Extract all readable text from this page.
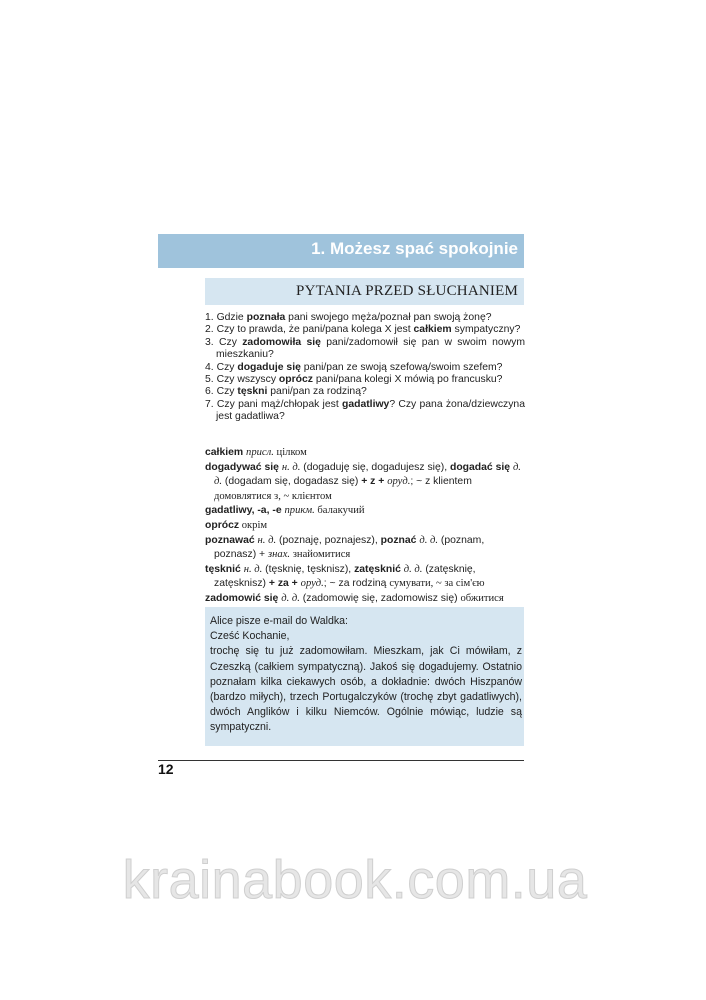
1. Możesz spać spokojnie
PYTANIA PRZED SŁUCHANIEM
1. Gdzie poznała pani swojego męża/poznał pan swoją żonę?
2. Czy to prawda, że pani/pana kolega X jest całkiem sympatyczny?
3. Czy zadomowiła się pani/zadomowił się pan w swoim nowym mieszkaniu?
4. Czy dogaduje się pani/pan ze swoją szefową/swoim szefem?
5. Czy wszyscy oprócz pani/pana kolegi X mówią po francusku?
6. Czy tęskni pani/pan za rodziną?
7. Czy pani mąż/chłopak jest gadatliwy? Czy pana żona/dziewczyna jest gadatliwa?
całkiem присл. цілком
dogadywać się н. д. (dogaduję się, dogadujesz się), dogadać się д. д. (dogadam się, dogadasz się) + z + оруд.; ~ z klientem домовлятися з, ~ клієнтом
gadatliwy, -a, -e прикм. балакучий
oprócz окрім
poznawać н. д. (poznaję, poznajesz), poznać д. д. (poznam, poznasz) + знах. знайомитися
tęsknić н. д. (tęsknię, tęsknisz), zatęsknić д. д. (zatęsknię, zatęsknisz) + za + оруд.; ~ za rodziną сумувати, ~ за сім'єю
zadomowić się д. д. (zadomowię się, zadomowisz się) обжитися

Alice pisze e-mail do Waldka:

Cześć Kochanie,

trochę się tu już zadomowiłam. Mieszkam, jak Ci mówiłam, z Czeszką (całkiem sympatyczną). Jakoś się dogadujemy. Ostatnio poznałam kilka ciekawych osób, a dokładnie: dwóch Hiszpanów (bardzo miłych), trzech Portugalczyków (trochę zbyt gadatliwych), dwóch Anglików i kilku Niemców. Ogólnie mówiąc, ludzie są sympatyczni.

12
krainabook.com.ua
